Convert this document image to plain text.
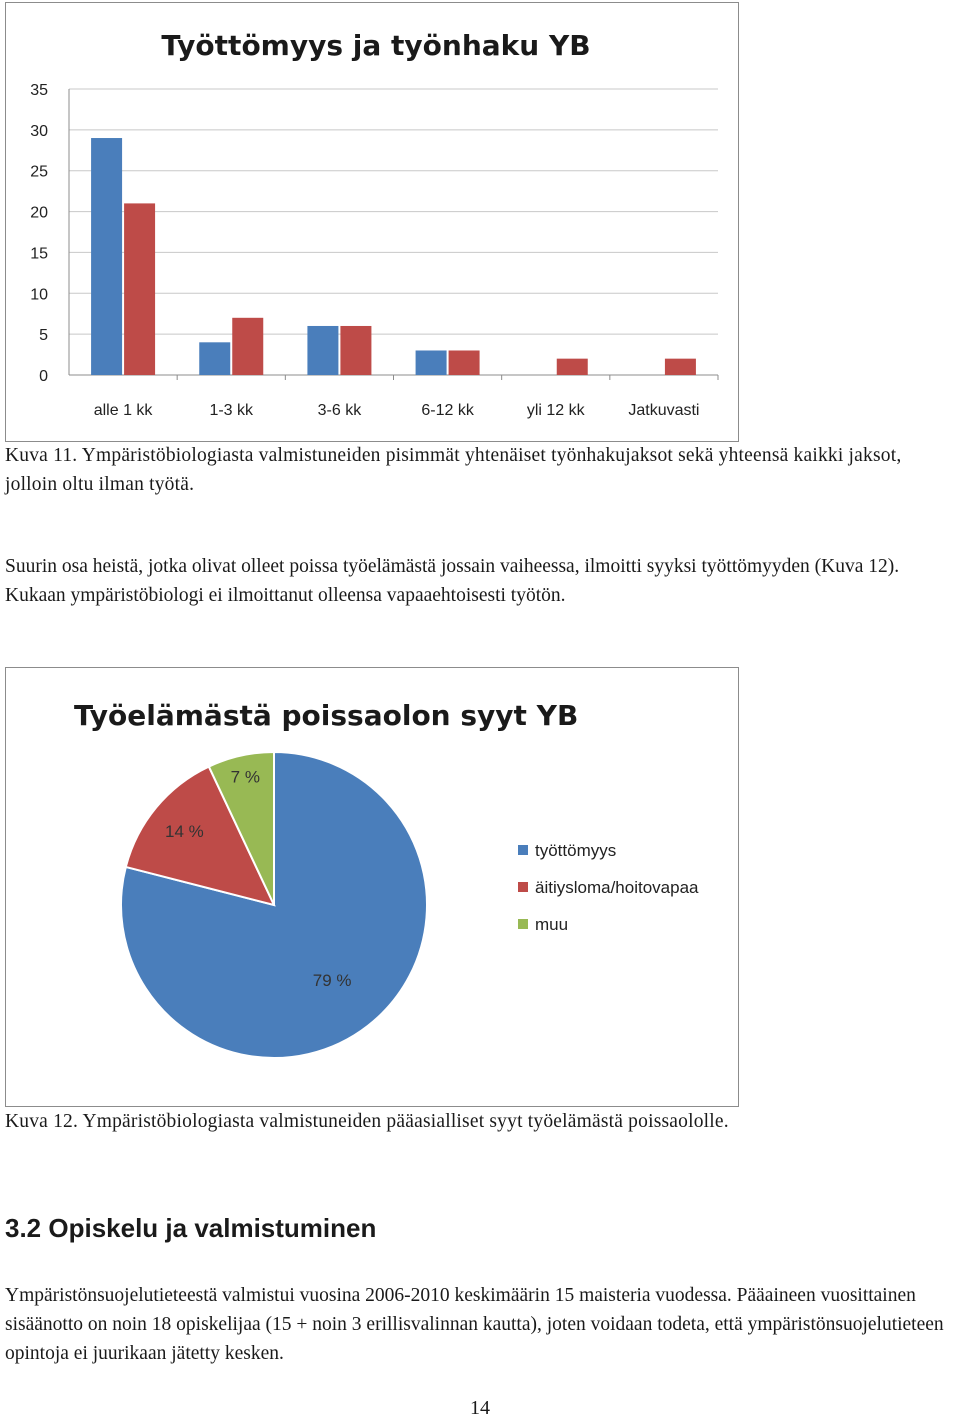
Työttömyys ja työnhaku YB
0
5
10
15
20
25
30
35
alle 1 kk	1-3 kk	3-6 kk	6-12 kk	yli 12 kk	Jatkuvasti

Kuva 11. Ympäristöbiologiasta valmistuneiden pisimmät yhtenäiset työnhakujaksot sekä yhteensä kaikki jaksot, jolloin oltu ilman työtä.

Suurin osa heistä, jotka olivat olleet poissa työelämästä jossain vaiheessa, ilmoitti syyksi työttömyyden (Kuva 12). Kukaan ympäristöbiologi ei ilmoittanut olleensa vapaaehtoisesti työtön.

Työelämästä poissaolon syyt YB
79 %
14 %
7 %
työttömyys
äitiysloma/hoitovapaa
muu

Kuva 12. Ympäristöbiologiasta valmistuneiden pääasialliset syyt työelämästä poissaololle.

3.2 Opiskelu ja valmistuminen

Ympäristönsuojelutieteestä valmistui vuosina 2006-2010 keskimäärin 15 maisteria vuodessa. Pääaineen vuosittainen sisäänotto on noin 18 opiskelijaa (15 + noin 3 erillisvalinnan kautta), joten voidaan todeta, että ympäristönsuojelutieteen opintoja ei juurikaan jätetty kesken.

14
